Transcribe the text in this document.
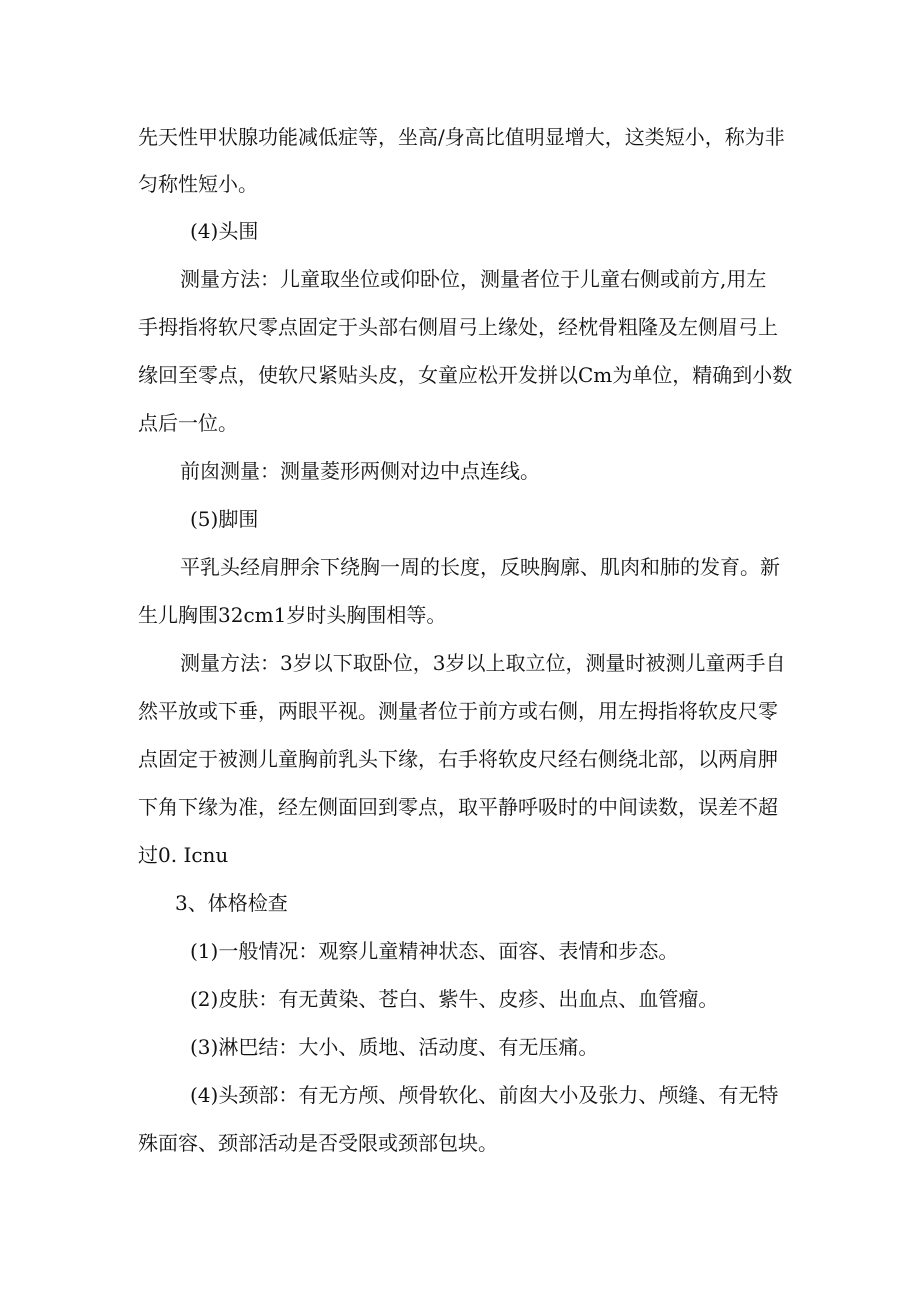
先天性甲状腺功能减低症等，坐高/身高比值明显增大，这类短小，称为非
匀称性短小。
(4)头围
测量方法：儿童取坐位或仰卧位，测量者位于儿童右侧或前方,用左
手拇指将软尺零点固定于头部右侧眉弓上缘处，经枕骨粗隆及左侧眉弓上
缘回至零点，使软尺紧贴头皮，女童应松开发拼以Cm为单位，精确到小数
点后一位。
前囱测量：测量菱形两侧对边中点连线。
(5)脚围
平乳头经肩胛余下绕胸一周的长度，反映胸廓、肌肉和肺的发育。新
生儿胸围32cm1岁时头胸围相等。
测量方法：3岁以下取卧位，3岁以上取立位，测量时被测儿童两手自
然平放或下垂，两眼平视。测量者位于前方或右侧，用左拇指将软皮尺零
点固定于被测儿童胸前乳头下缘，右手将软皮尺经右侧绕北部，以两肩胛
下角下缘为准，经左侧面回到零点，取平静呼吸时的中间读数，误差不超
过0. Icnu
3、体格检查
(1)一般情况：观察儿童精神状态、面容、表情和步态。
(2)皮肤：有无黄染、苍白、紫牛、皮疹、出血点、血管瘤。
(3)淋巴结：大小、质地、活动度、有无压痛。
(4)头颈部：有无方颅、颅骨软化、前囱大小及张力、颅缝、有无特
殊面容、颈部活动是否受限或颈部包块。
